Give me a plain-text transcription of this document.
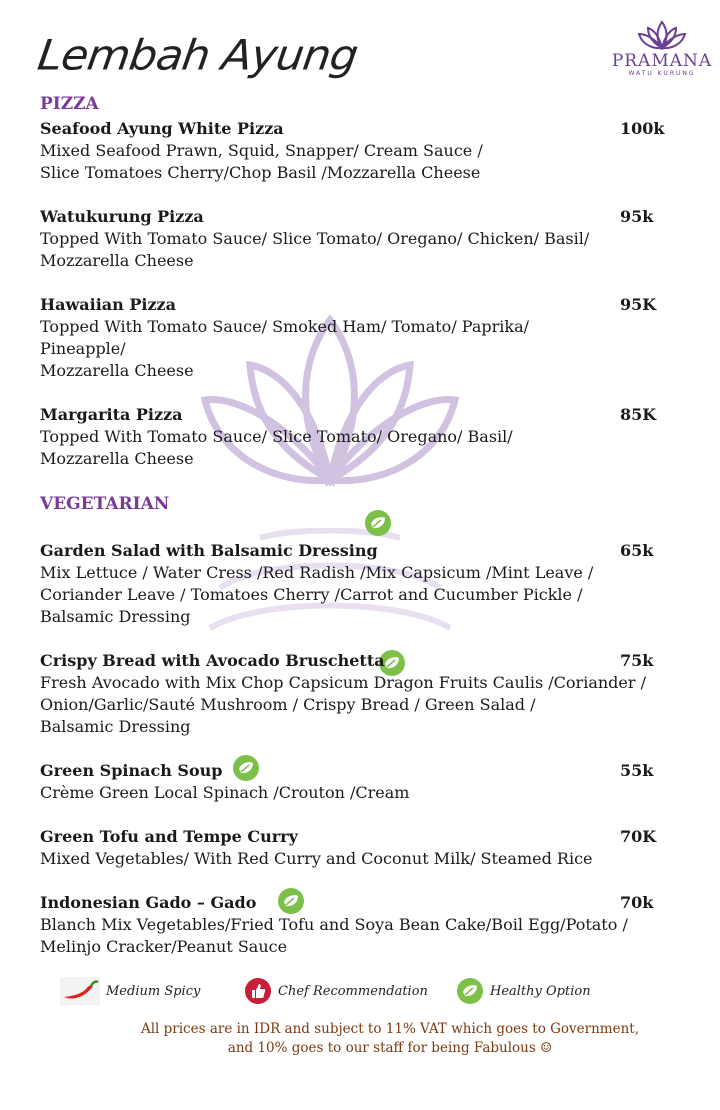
Lembah Ayung	PRAMANA
WATU KURUNG
PIZZA
Seafood Ayung White Pizza	100k
Mixed Seafood Prawn, Squid, Snapper/ Cream Sauce /
Slice Tomatoes Cherry/Chop Basil /Mozzarella Cheese
Watukurung Pizza	95k
Topped With Tomato Sauce/ Slice Tomato/ Oregano/ Chicken/ Basil/
Mozzarella Cheese
Hawaiian Pizza	95K
Topped With Tomato Sauce/ Smoked Ham/ Tomato/ Paprika/
Pineapple/
Mozzarella Cheese
Margarita Pizza	85K
Topped With Tomato Sauce/ Slice Tomato/ Oregano/ Basil/
Mozzarella Cheese
VEGETARIAN
Garden Salad with Balsamic Dressing	65k
Mix Lettuce / Water Cress /Red Radish /Mix Capsicum /Mint Leave /
Coriander Leave / Tomatoes Cherry /Carrot and Cucumber Pickle /
Balsamic Dressing
Crispy Bread with Avocado Bruschetta	75k
Fresh Avocado with Mix Chop Capsicum Dragon Fruits Caulis /Coriander /
Onion/Garlic/Sauté Mushroom / Crispy Bread / Green Salad /
Balsamic Dressing
Green Spinach Soup	55k
Crème Green Local Spinach /Crouton /Cream
Green Tofu and Tempe Curry	70K
Mixed Vegetables/ With Red Curry and Coconut Milk/ Steamed Rice
Indonesian Gado – Gado	70k
Blanch Mix Vegetables/Fried Tofu and Soya Bean Cake/Boil Egg/Potato /
Melinjo Cracker/Peanut Sauce
Medium Spicy	Chef Recommendation	Healthy Option
All prices are in IDR and subject to 11% VAT which goes to Government,
and 10% goes to our staff for being Fabulous ☺
